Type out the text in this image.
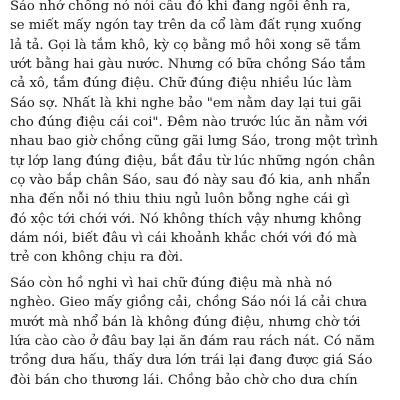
Sáo nhớ chồng nó nói câu đó khi đang ngồi ễnh ra,
se miết mấy ngón tay trên da cổ làm đất rụng xuống
lả tả. Gọi là tắm khô, kỳ cọ bằng mồ hôi xong sẽ tắm
ướt bằng hai gàu nước. Nhưng có bữa chồng Sáo tắm
cả xô, tắm đúng điệu. Chữ đúng điệu nhiều lúc làm
Sáo sợ. Nhất là khi nghe bảo "em nằm day lại tui gãi
cho đúng điệu cái coi". Đêm nào trước lúc ăn nằm với
nhau bao giờ chồng cũng gãi lưng Sáo, trong một trình
tự lớp lang đúng điệu, bắt đầu từ lúc những ngón chân
cọ vào bắp chân Sáo, sau đó này sau đó kia, anh nhẩn
nha đến nỗi nó thiu thiu ngủ luôn bỗng nghe cái gì
đó xộc tới chới với. Nó không thích vậy nhưng không
dám nói, biết đâu vì cái khoảnh khắc chới với đó mà
trẻ con không chịu ra đời.

Sáo còn hồ nghi vì hai chữ đúng điệu mà nhà nó
nghèo. Gieo mấy giồng cải, chồng Sáo nói lá cải chưa
mướt mà nhổ bán là không đúng điệu, nhưng chờ tới
lứa cào cào ở đâu bay lại ăn đám rau rách nát. Có năm
trồng dưa hấu, thấy dưa lớn trái lại đang được giá Sáo
đòi bán cho thương lái. Chồng bảo chờ cho dưa chín
